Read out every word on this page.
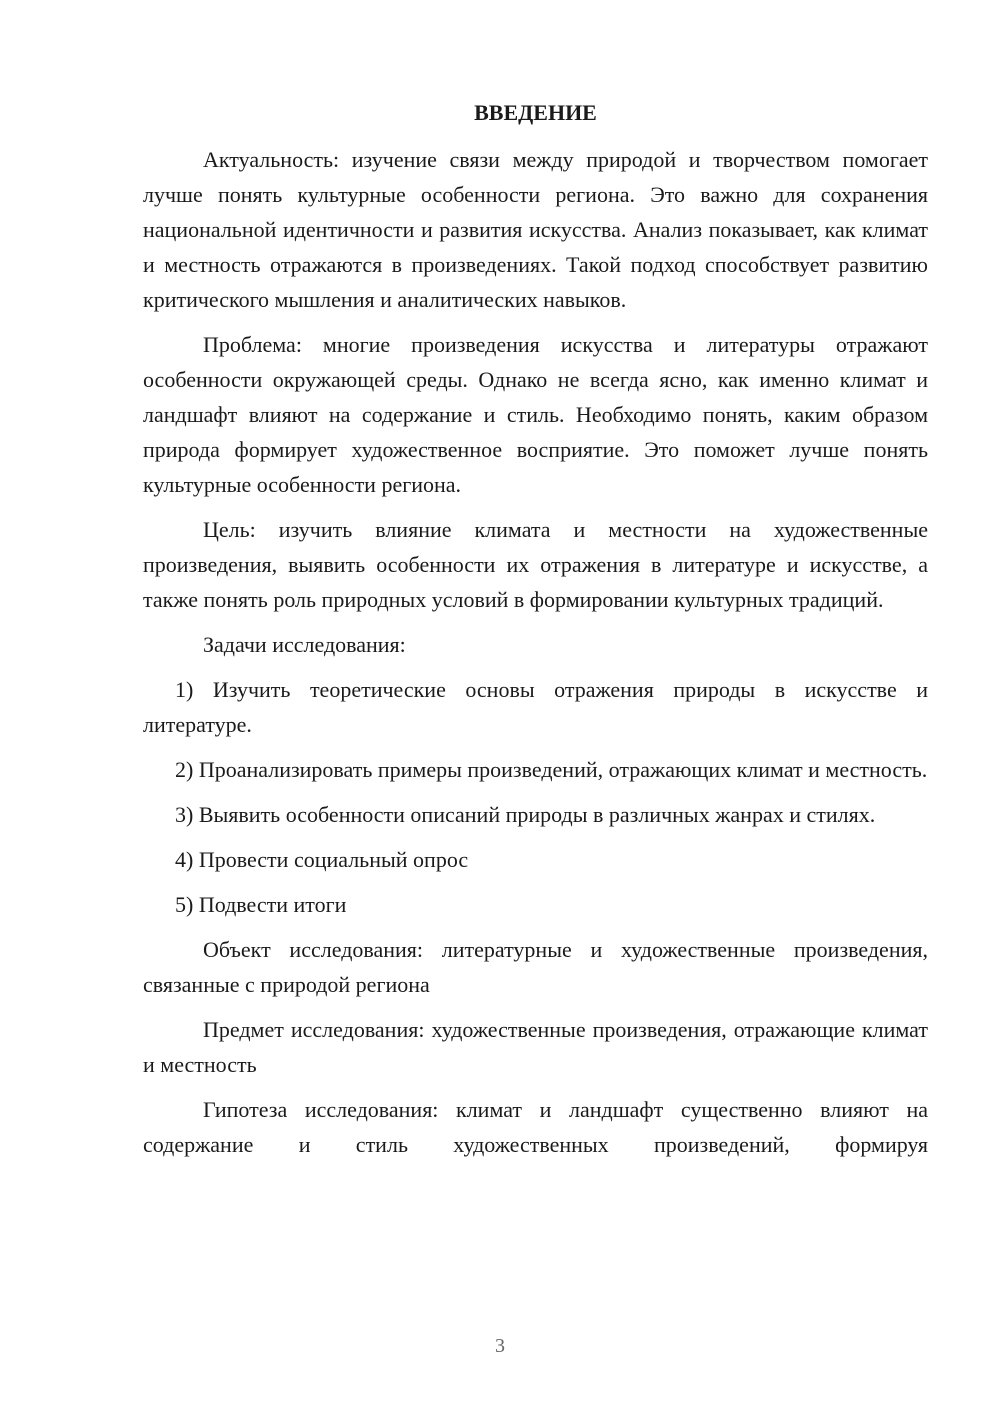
ВВЕДЕНИЕ

Актуальность: изучение связи между природой и творчеством помогает лучше понять культурные особенности региона. Это важно для сохранения национальной идентичности и развития искусства. Анализ показывает, как климат и местность отражаются в произведениях. Такой подход способствует развитию критического мышления и аналитических навыков.

Проблема: многие произведения искусства и литературы отражают особенности окружающей среды. Однако не всегда ясно, как именно климат и ландшафт влияют на содержание и стиль. Необходимо понять, каким образом природа формирует художественное восприятие. Это поможет лучше понять культурные особенности региона.

Цель: изучить влияние климата и местности на художественные произведения, выявить особенности их отражения в литературе и искусстве, а также понять роль природных условий в формировании культурных традиций.

Задачи исследования:

1) Изучить теоретические основы отражения природы в искусстве и литературе.

2) Проанализировать примеры произведений, отражающих климат и местность.

3) Выявить особенности описаний природы в различных жанрах и стилях.

4) Провести социальный опрос

5) Подвести итоги

Объект исследования: литературные и художественные произведения, связанные с природой региона

Предмет исследования: художественные произведения, отражающие климат и местность

Гипотеза исследования: климат и ландшафт существенно влияют на содержание и стиль художественных произведений, формируя

3
